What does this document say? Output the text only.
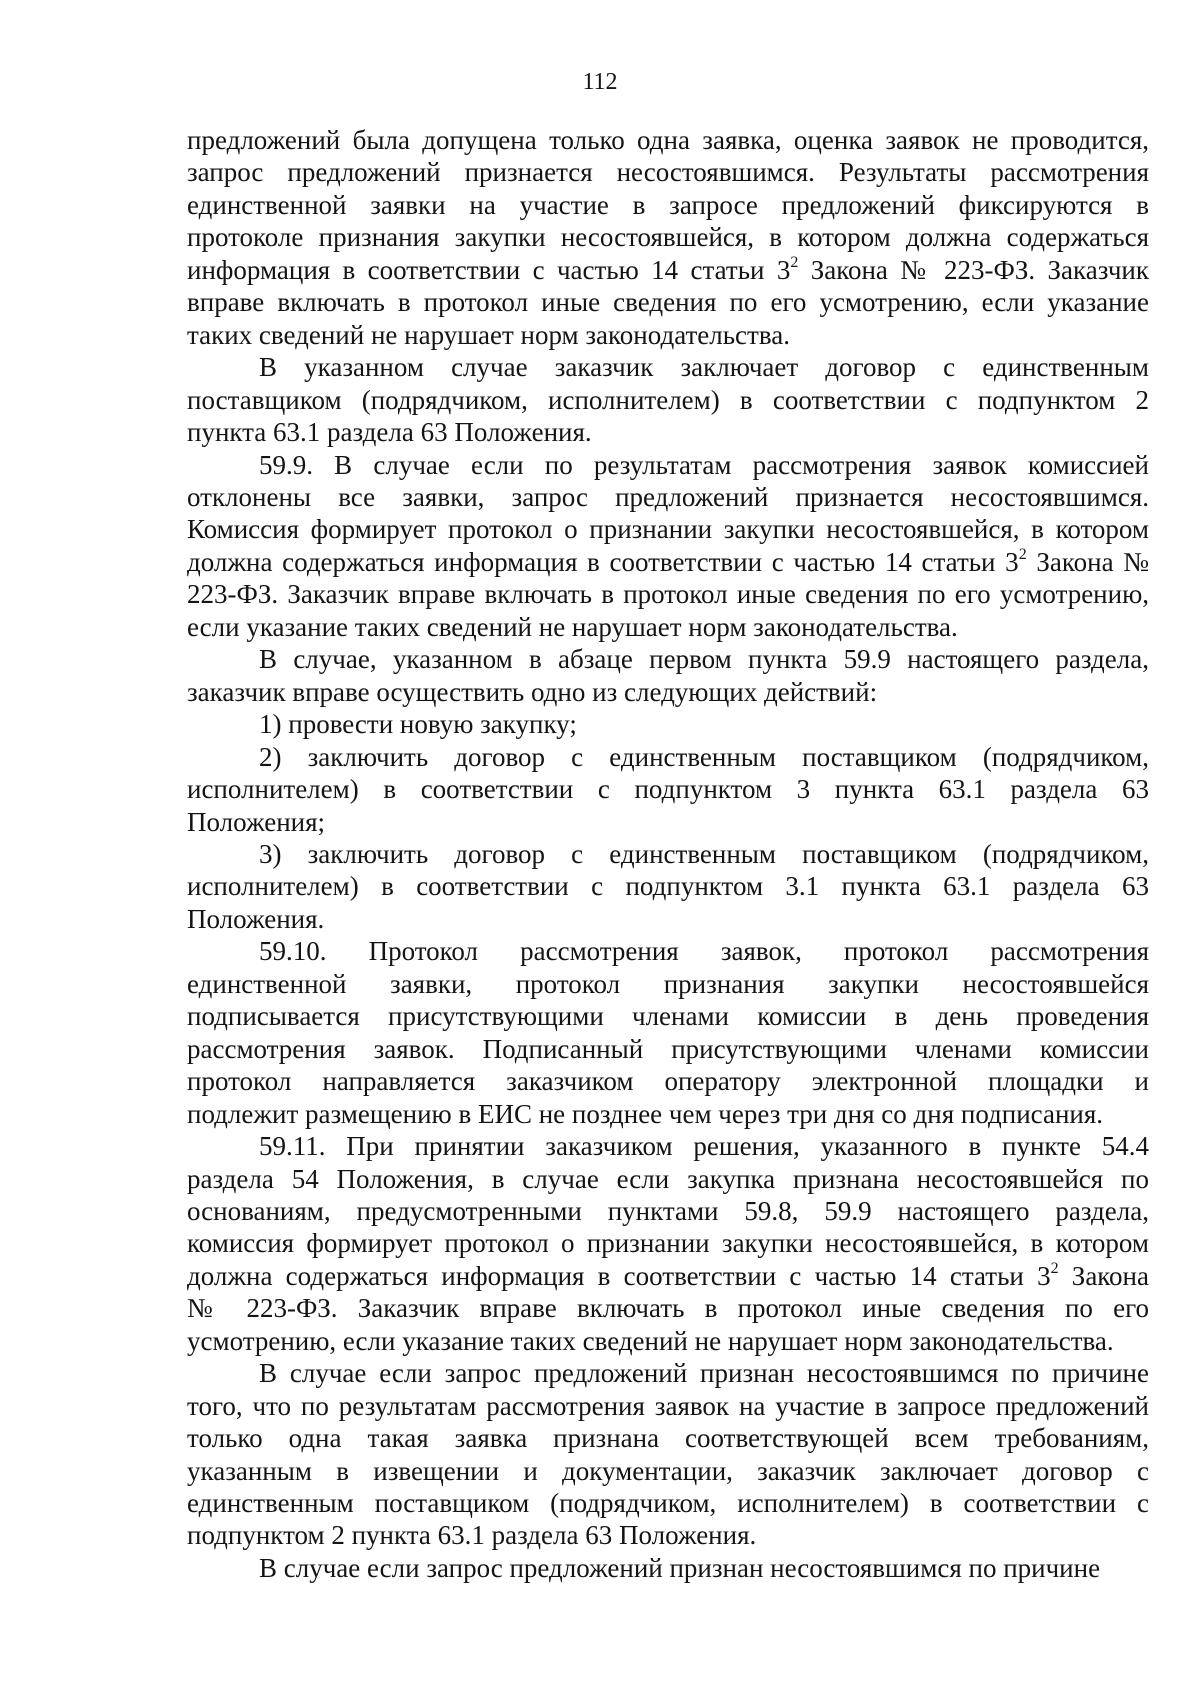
112

предложений была допущена только одна заявка, оценка заявок не проводится,

запрос предложений признается несостоявшимся. Результаты рассмотрения

единственной заявки на участие в запросе предложений фиксируются в

протоколе признания закупки несостоявшейся, в котором должна содержаться

информация в соответствии с частью 14 статьи $3^2$ Закона № 223-ФЗ. Заказчик

вправе включать в протокол иные сведения по его усмотрению, если указание

таких сведений не нарушает норм законодательства.

В указанном случае заказчик заключает договор с единственным

поставщиком (подрядчиком, исполнителем) в соответствии с подпунктом 2

пункта 63.1 раздела 63 Положения.

59.9. В случае если по результатам рассмотрения заявок комиссией

отклонены все заявки, запрос предложений признается несостоявшимся.

Комиссия формирует протокол о признании закупки несостоявшейся, в котором

должна содержаться информация в соответствии с частью 14 статьи $3^2$ Закона №

223-ФЗ. Заказчик вправе включать в протокол иные сведения по его усмотрению,

если указание таких сведений не нарушает норм законодательства.

В случае, указанном в абзаце первом пункта 59.9 настоящего раздела,

заказчик вправе осуществить одно из следующих действий:

1) провести новую закупку;

2) заключить договор с единственным поставщиком (подрядчиком,

исполнителем) в соответствии с подпунктом 3 пункта 63.1 раздела 63

Положения;

3) заключить договор с единственным поставщиком (подрядчиком,

исполнителем) в соответствии с подпунктом 3.1 пункта 63.1 раздела 63

Положения.

59.10. Протокол рассмотрения заявок, протокол рассмотрения

единственной заявки, протокол признания закупки несостоявшейся

подписывается присутствующими членами комиссии в день проведения

рассмотрения заявок. Подписанный присутствующими членами комиссии

протокол направляется заказчиком оператору электронной площадки и

подлежит размещению в ЕИС не позднее чем через три дня со дня подписания.

59.11. При принятии заказчиком решения, указанного в пункте 54.4

раздела 54 Положения, в случае если закупка признана несостоявшейся по

основаниям, предусмотренными пунктами 59.8, 59.9 настоящего раздела,

комиссия формирует протокол о признании закупки несостоявшейся, в котором

должна содержаться информация в соответствии с частью 14 статьи $3^2$ Закона

№ 223-ФЗ. Заказчик вправе включать в протокол иные сведения по его

усмотрению, если указание таких сведений не нарушает норм законодательства.

В случае если запрос предложений признан несостоявшимся по причине

того, что по результатам рассмотрения заявок на участие в запросе предложений

только одна такая заявка признана соответствующей всем требованиям,

указанным в извещении и документации, заказчик заключает договор с

единственным поставщиком (подрядчиком, исполнителем) в соответствии с

подпунктом 2 пункта 63.1 раздела 63 Положения.

В случае если запрос предложений признан несостоявшимся по причине
